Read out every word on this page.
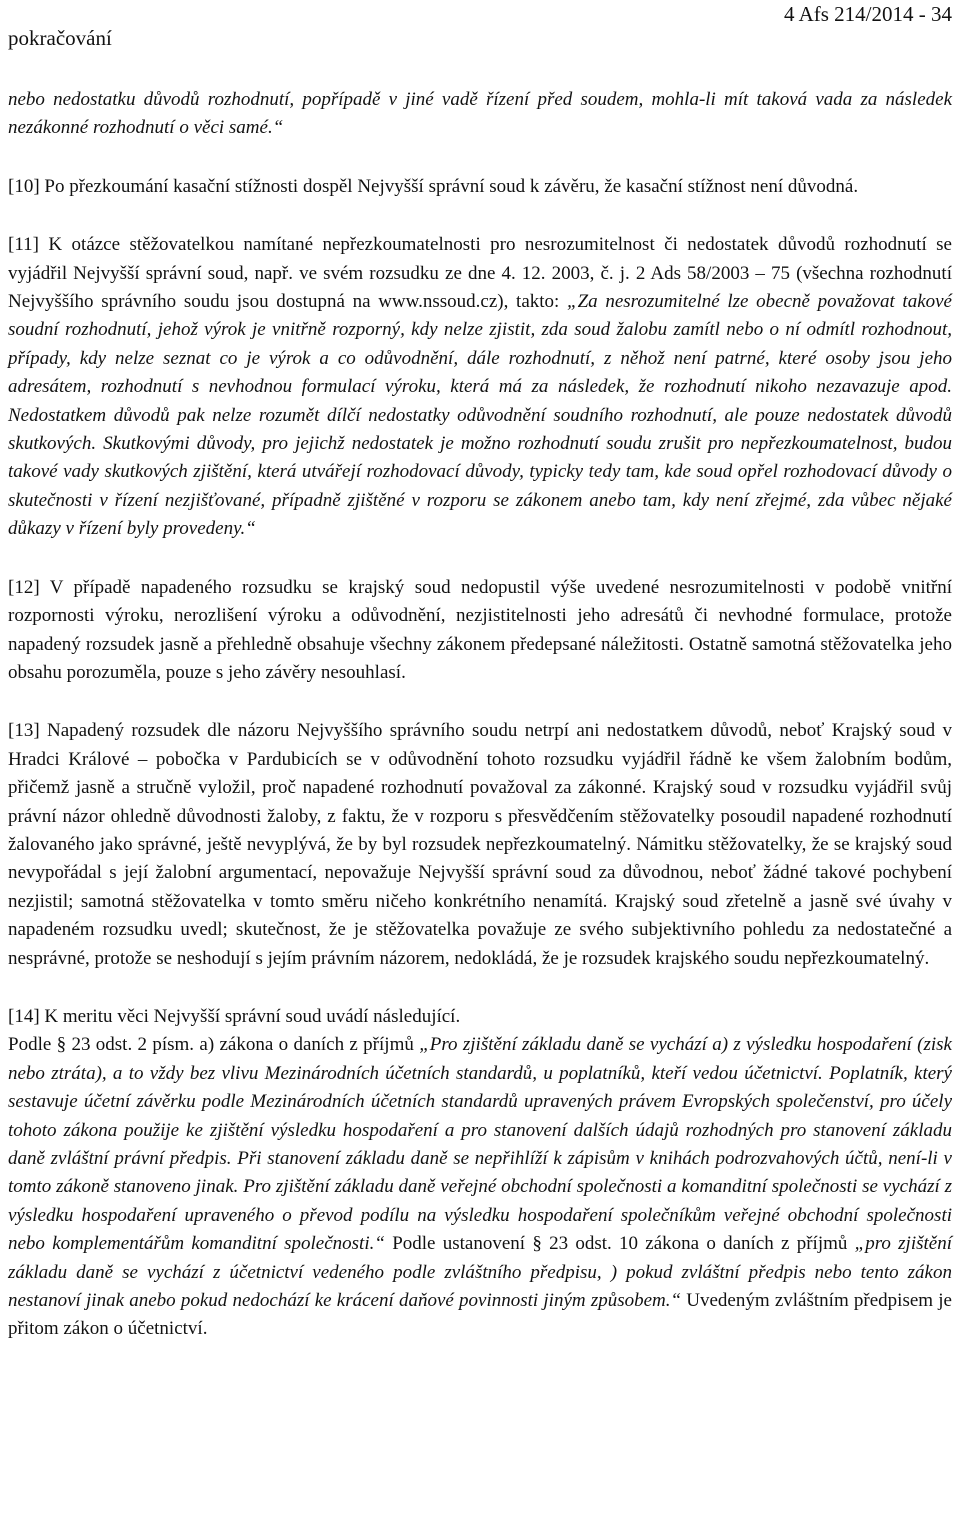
pokračování
4 Afs 214/2014 - 34

nebo nedostatku důvodů rozhodnutí, popřípadě v jiné vadě řízení před soudem, mohla-li mít taková vada za následek nezákonné rozhodnutí o věci samé.“

[10] Po přezkoumání kasační stížnosti dospěl Nejvyšší správní soud k závěru, že kasační stížnost není důvodná.

[11] K otázce stěžovatelkou namítané nepřezkoumatelnosti pro nesrozumitelnost či nedostatek důvodů rozhodnutí se vyjádřil Nejvyšší správní soud, např. ve svém rozsudku ze dne 4. 12. 2003, č. j. 2 Ads 58/2003 – 75 (všechna rozhodnutí Nejvyššího správního soudu jsou dostupná na www.nssoud.cz), takto: „Za nesrozumitelné lze obecně považovat takové soudní rozhodnutí, jehož výrok je vnitřně rozporný, kdy nelze zjistit, zda soud žalobu zamítl nebo o ní odmítl rozhodnout, případy, kdy nelze seznat co je výrok a co odůvodnění, dále rozhodnutí, z něhož není patrné, které osoby jsou jeho adresátem, rozhodnutí s nevhodnou formulací výroku, která má za následek, že rozhodnutí nikoho nezavazuje apod. Nedostatkem důvodů pak nelze rozumět dílčí nedostatky odůvodnění soudního rozhodnutí, ale pouze nedostatek důvodů skutkových. Skutkovými důvody, pro jejichž nedostatek je možno rozhodnutí soudu zrušit pro nepřezkoumatelnost, budou takové vady skutkových zjištění, která utvářejí rozhodovací důvody, typicky tedy tam, kde soud opřel rozhodovací důvody o skutečnosti v řízení nezjišťované, případně zjištěné v rozporu se zákonem anebo tam, kdy není zřejmé, zda vůbec nějaké důkazy v řízení byly provedeny.“

[12] V případě napadeného rozsudku se krajský soud nedopustil výše uvedené nesrozumitelnosti v podobě vnitřní rozpornosti výroku, nerozlišení výroku a odůvodnění, nezjistitelnosti jeho adresátů či nevhodné formulace, protože napadený rozsudek jasně a přehledně obsahuje všechny zákonem předepsané náležitosti. Ostatně samotná stěžovatelka jeho obsahu porozuměla, pouze s jeho závěry nesouhlasí.

[13] Napadený rozsudek dle názoru Nejvyššího správního soudu netrpí ani nedostatkem důvodů, neboť Krajský soud v Hradci Králové – pobočka v Pardubicích se v odůvodnění tohoto rozsudku vyjádřil řádně ke všem žalobním bodům, přičemž jasně a stručně vyložil, proč napadené rozhodnutí považoval za zákonné. Krajský soud v rozsudku vyjádřil svůj právní názor ohledně důvodnosti žaloby, z faktu, že v rozporu s přesvědčením stěžovatelky posoudil napadené rozhodnutí žalovaného jako správné, ještě nevyplývá, že by byl rozsudek nepřezkoumatelný. Námitku stěžovatelky, že se krajský soud nevypořádal s její žalobní argumentací, nepovažuje Nejvyšší správní soud za důvodnou, neboť žádné takové pochybení nezjistil; samotná stěžovatelka v tomto směru ničeho konkrétního nenamítá. Krajský soud zřetelně a jasně své úvahy v napadeném rozsudku uvedl; skutečnost, že je stěžovatelka považuje ze svého subjektivního pohledu za nedostatečné a nesprávné, protože se neshodují s jejím právním názorem, nedokládá, že je rozsudek krajského soudu nepřezkoumatelný.

[14] K meritu věci Nejvyšší správní soud uvádí následující.

Podle § 23 odst. 2 písm. a) zákona o daních z příjmů „Pro zjištění základu daně se vychází a) z výsledku hospodaření (zisk nebo ztráta), a to vždy bez vlivu Mezinárodních účetních standardů, u poplatníků, kteří vedou účetnictví. Poplatník, který sestavuje účetní závěrku podle Mezinárodních účetních standardů upravených právem Evropských společenství, pro účely tohoto zákona použije ke zjištění výsledku hospodaření a pro stanovení dalších údajů rozhodných pro stanovení základu daně zvláštní právní předpis. Při stanovení základu daně se nepřihlíží k zápisům v knihách podrozvahových účtů, není-li v tomto zákoně stanoveno jinak. Pro zjištění základu daně veřejné obchodní společnosti a komanditní společnosti se vychází z výsledku hospodaření upraveného o převod podílu na výsledku hospodaření společníkům veřejné obchodní společnosti nebo komplementářům komanditní společnosti.“ Podle ustanovení § 23 odst. 10 zákona o daních z příjmů „pro zjištění základu daně se vychází z účetnictví vedeného podle zvláštního předpisu, ) pokud zvláštní předpis nebo tento zákon nestanoví jinak anebo pokud nedochází ke krácení daňové povinnosti jiným způsobem.“ Uvedeným zvláštním předpisem je přitom zákon o účetnictví.
